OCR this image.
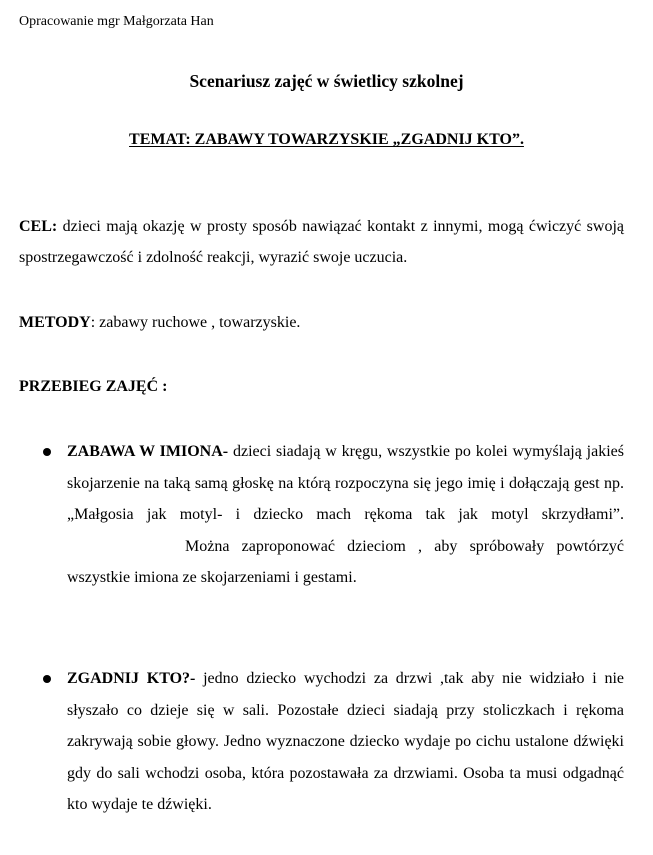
Opracowanie mgr Małgorzata Han
Scenariusz zajęć w świetlicy szkolnej
TEMAT: ZABAWY TOWARZYSKIE „ZGADNIJ KTO”.
CEL: dzieci mają okazję w prosty sposób nawiązać kontakt z innymi, mogą ćwiczyć swoją spostrzegawczość i zdolność reakcji, wyrazić swoje uczucia.
METODY: zabawy ruchowe , towarzyskie.
PRZEBIEG ZAJĘĆ :
ZABAWA W IMIONA- dzieci siadają w kręgu, wszystkie po kolei wymyślają jakieś skojarzenie na taką samą głoskę na którą rozpoczyna się jego imię i dołączają gest np. „Małgosia jak motyl- i dziecko mach rękoma tak jak motyl skrzydłami”.Można zaproponować dzieciom , aby spróbowały powtórzyć wszystkie imiona ze skojarzeniami i gestami.
ZGADNIJ KTO?- jedno dziecko wychodzi za drzwi ,tak aby nie widziało i nie słyszało co dzieje się w sali. Pozostałe dzieci siadają przy stoliczkach i rękoma zakrywają sobie głowy. Jedno wyznaczone dziecko wydaje po cichu ustalone dźwięki gdy do sali wchodzi osoba, która pozostawała za drzwiami. Osoba ta musi odgadnąć kto wydaje te dźwięki.
